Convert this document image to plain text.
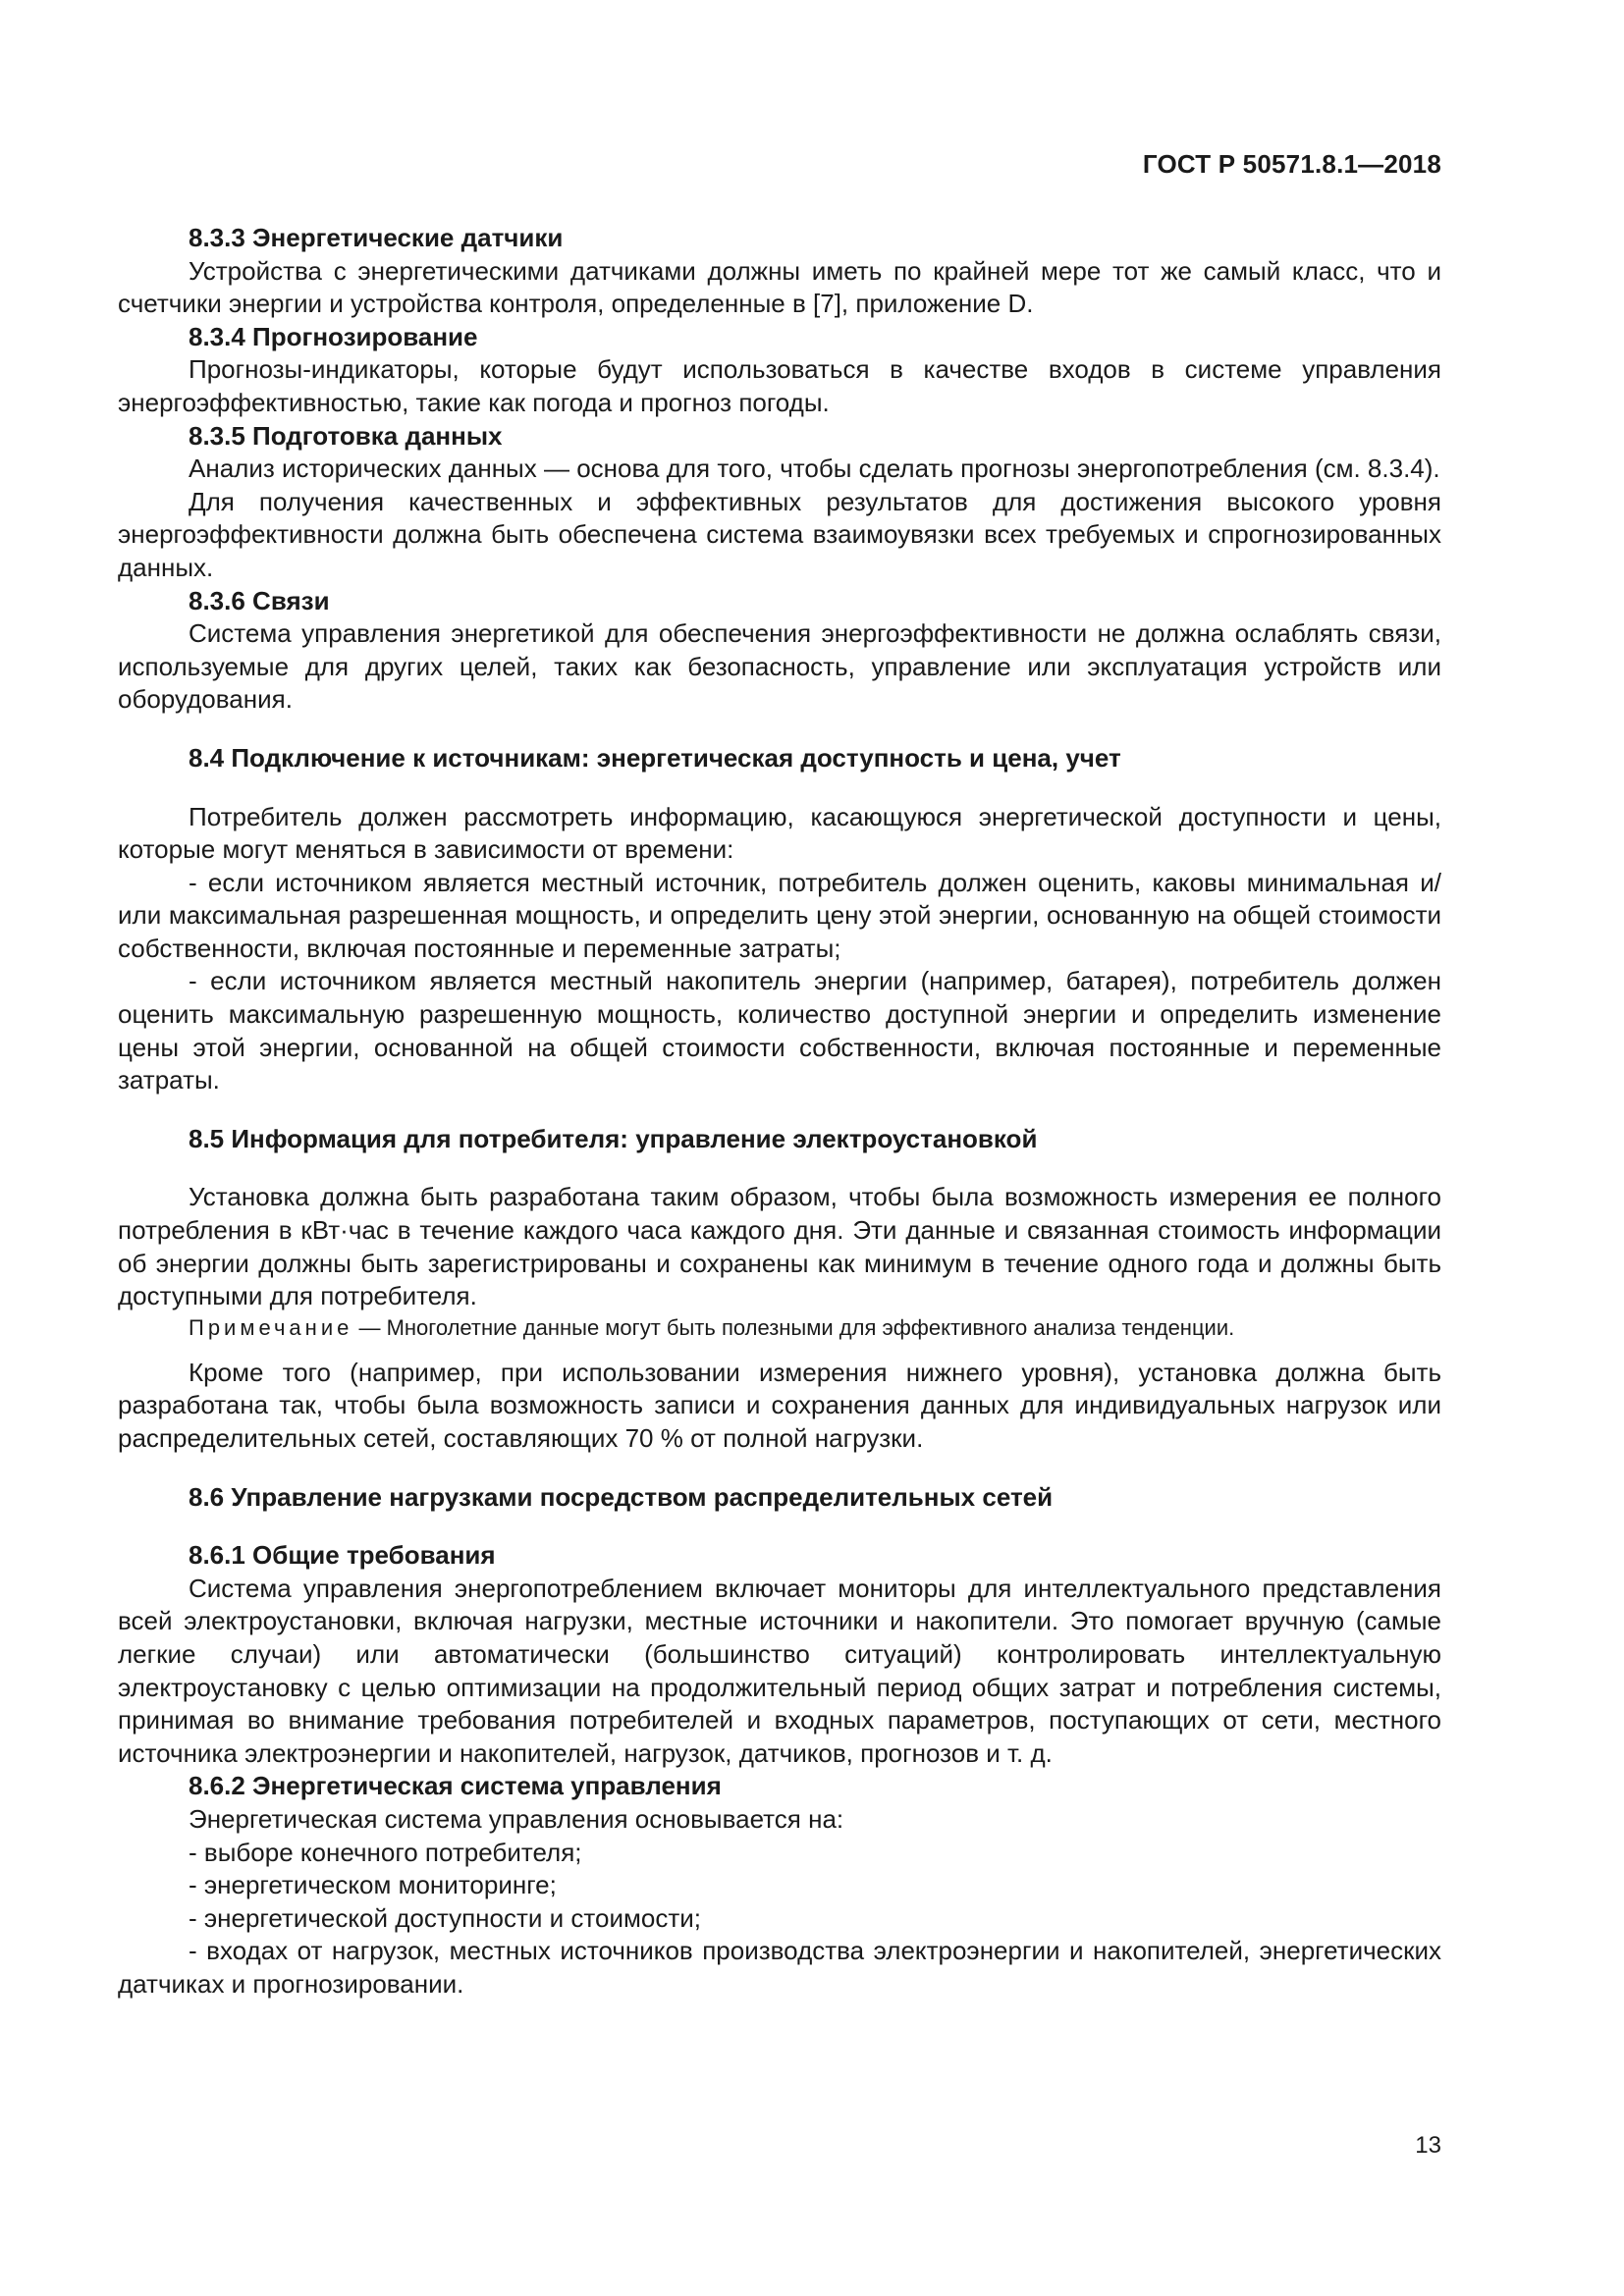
ГОСТ Р 50571.8.1—2018

8.3.3 Энергетические датчики

Устройства с энергетическими датчиками должны иметь по крайней мере тот же самый класс, что и счетчики энергии и устройства контроля, определенные в [7], приложение D.

8.3.4 Прогнозирование

Прогнозы-индикаторы, которые будут использоваться в качестве входов в системе управления энергоэффективностью, такие как погода и прогноз погоды.

8.3.5 Подготовка данных

Анализ исторических данных — основа для того, чтобы сделать прогнозы энергопотребления (см. 8.3.4).

Для получения качественных и эффективных результатов для достижения высокого уровня энергоэффективности должна быть обеспечена система взаимоувязки всех требуемых и спрогнозированных данных.

8.3.6 Связи

Система управления энергетикой для обеспечения энергоэффективности не должна ослаблять связи, используемые для других целей, таких как безопасность, управление или эксплуатация устройств или оборудования.

8.4 Подключение к источникам: энергетическая доступность и цена, учет

Потребитель должен рассмотреть информацию, касающуюся энергетической доступности и цены, которые могут меняться в зависимости от времени:

- если источником является местный источник, потребитель должен оценить, каковы минимальная и/или максимальная разрешенная мощность, и определить цену этой энергии, основанную на общей стоимости собственности, включая постоянные и переменные затраты;

- если источником является местный накопитель энергии (например, батарея), потребитель должен оценить максимальную разрешенную мощность, количество доступной энергии и определить изменение цены этой энергии, основанной на общей стоимости собственности, включая постоянные и переменные затраты.

8.5 Информация для потребителя: управление электроустановкой

Установка должна быть разработана таким образом, чтобы была возможность измерения ее полного потребления в кВт·час в течение каждого часа каждого дня. Эти данные и связанная стоимость информации об энергии должны быть зарегистрированы и сохранены как минимум в течение одного года и должны быть доступными для потребителя.

Примечание — Многолетние данные могут быть полезными для эффективного анализа тенденции.

Кроме того (например, при использовании измерения нижнего уровня), установка должна быть разработана так, чтобы была возможность записи и сохранения данных для индивидуальных нагрузок или распределительных сетей, составляющих 70 % от полной нагрузки.

8.6 Управление нагрузками посредством распределительных сетей

8.6.1 Общие требования

Система управления энергопотреблением включает мониторы для интеллектуального представления всей электроустановки, включая нагрузки, местные источники и накопители. Это помогает вручную (самые легкие случаи) или автоматически (большинство ситуаций) контролировать интеллектуальную электроустановку с целью оптимизации на продолжительный период общих затрат и потребления системы, принимая во внимание требования потребителей и входных параметров, поступающих от сети, местного источника электроэнергии и накопителей, нагрузок, датчиков, прогнозов и т. д.

8.6.2 Энергетическая система управления

Энергетическая система управления основывается на:

- выборе конечного потребителя;

- энергетическом мониторинге;

- энергетической доступности и стоимости;

- входах от нагрузок, местных источников производства электроэнергии и накопителей, энергетических датчиках и прогнозировании.

13
